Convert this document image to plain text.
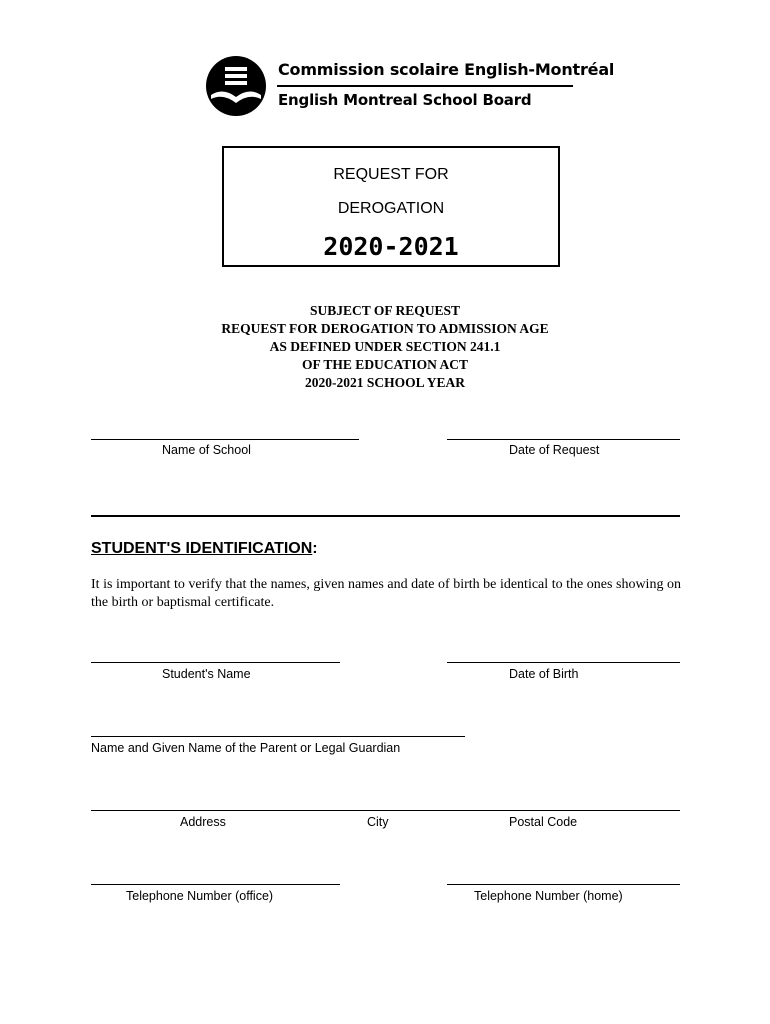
Commission scolaire English-Montréal
English Montreal School Board
REQUEST FOR
DEROGATION
2020-2021
SUBJECT OF REQUEST
REQUEST FOR DEROGATION TO ADMISSION AGE
AS DEFINED UNDER SECTION 241.1
OF THE EDUCATION ACT
2020-2021 SCHOOL YEAR
Name of School	Date of Request
STUDENT'S IDENTIFICATION:
It is important to verify that the names, given names and date of birth be identical to the ones showing on the birth or baptismal certificate.
Student's Name	Date of Birth
Name and Given Name of the Parent or Legal Guardian
Address	City	Postal Code
Telephone Number (office)	Telephone Number (home)
